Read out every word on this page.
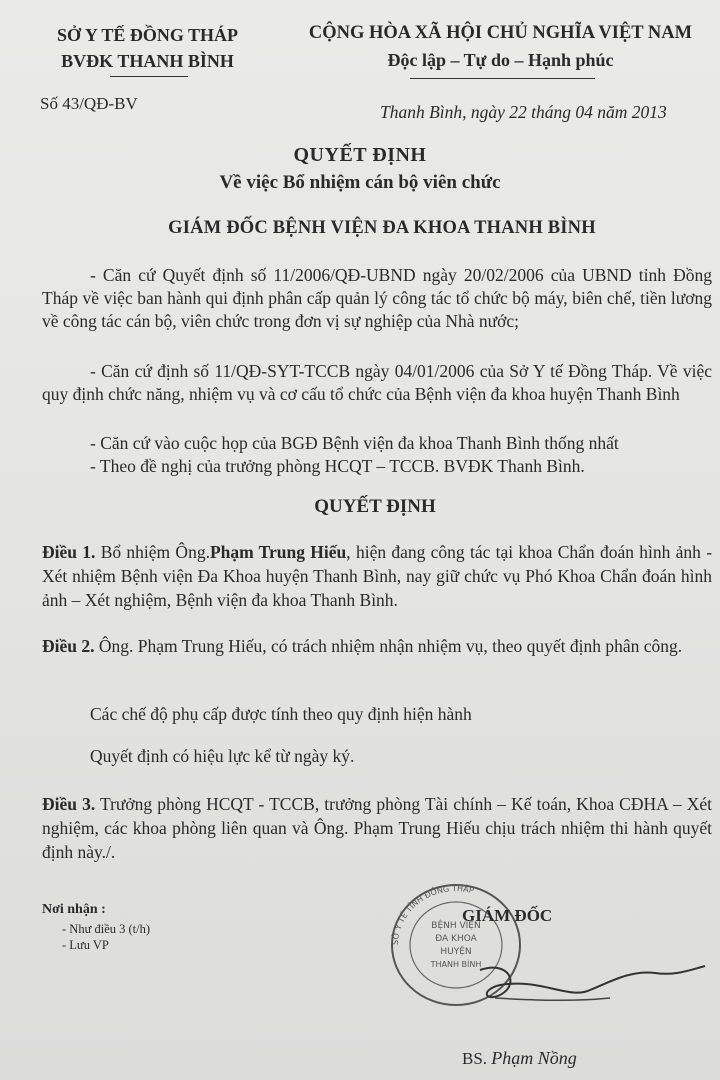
SỞ Y TẾ ĐỒNG THÁP
BVĐK THANH BÌNH
CỘNG HÒA XÃ HỘI CHỦ NGHĨA VIỆT NAM
Độc lập – Tự do – Hạnh phúc
Số 43/QĐ-BV	Thanh Bình, ngày 22 tháng 04 năm 2013
QUYẾT ĐỊNH
Về việc Bổ nhiệm cán bộ viên chức
GIÁM ĐỐC BỆNH VIỆN ĐA KHOA THANH BÌNH
- Căn cứ Quyết định số 11/2006/QĐ-UBND ngày 20/02/2006 của UBND tỉnh Đồng Tháp về việc ban hành qui định phân cấp quản lý công tác tổ chức bộ máy, biên chế, tiền lương về công tác cán bộ, viên chức trong đơn vị sự nghiệp của Nhà nước;
- Căn cứ định số 11/QĐ-SYT-TCCB ngày 04/01/2006 của Sở Y tế Đồng Tháp. Về việc quy định chức năng, nhiệm vụ và cơ cấu tổ chức của Bệnh viện đa khoa huyện Thanh Bình
- Căn cứ vào cuộc họp của BGĐ Bệnh viện đa khoa Thanh Bình thống nhất
- Theo đề nghị của trưởng phòng HCQT – TCCB. BVĐK Thanh Bình.
QUYẾT ĐỊNH
Điều 1. Bổ nhiệm Ông.Phạm Trung Hiếu, hiện đang công tác tại khoa Chẩn đoán hình ảnh - Xét nhiệm Bệnh viện Đa Khoa huyện Thanh Bình, nay giữ chức vụ Phó Khoa Chẩn đoán hình ảnh – Xét nghiệm, Bệnh viện đa khoa Thanh Bình.
Điều 2. Ông. Phạm Trung Hiếu, có trách nhiệm nhận nhiệm vụ, theo quyết định phân công.
Các chế độ phụ cấp được tính theo quy định hiện hành
Quyết định có hiệu lực kể từ ngày ký.
Điều 3. Trưởng phòng HCQT - TCCB, trưởng phòng Tài chính – Kế toán, Khoa CĐHA – Xét nghiệm, các khoa phòng liên quan và Ông. Phạm Trung Hiếu chịu trách nhiệm thi hành quyết định này./.
Nơi nhận :
- Như điều 3 (t/h)
- Lưu VP	SỞ Y TẾ TỈNH ĐỒNG THÁP
BỆNH VIỆN
ĐA KHOA
HUYỆN
THANH BÌNH
GIÁM ĐỐC
BS. Phạm Nồng
